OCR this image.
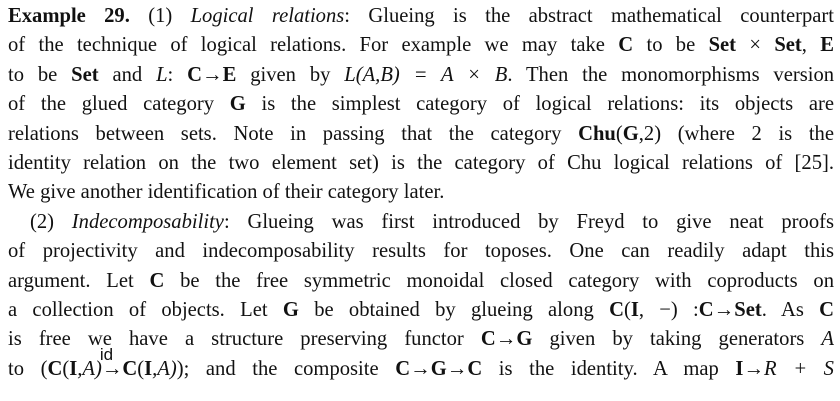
Example 29. (1) Logical relations: Glueing is the abstract mathematical counterpart
of the technique of logical relations. For example we may take C to be Set × Set, E
to be Set and L: C→E given by L(A,B) = A × B. Then the monomorphisms version
of the glued category G is the simplest category of logical relations: its objects are
relations between sets. Note in passing that the category Chu(G,2) (where 2 is the
identity relation on the two element set) is the category of Chu logical relations of [25].
We give another identification of their category later.
(2) Indecomposability: Glueing was first introduced by Freyd to give neat proofs
of projectivity and indecomposability results for toposes. One can readily adapt this
argument. Let C be the free symmetric monoidal closed category with coproducts on
a collection of objects. Let G be obtained by glueing along C(I, −) :C→Set. As C
is free we have a structure preserving functor C→G given by taking generators A
to (C(I,A)
id
→C(I,A)); and the composite C→G→C is the identity. A map I→R + S
